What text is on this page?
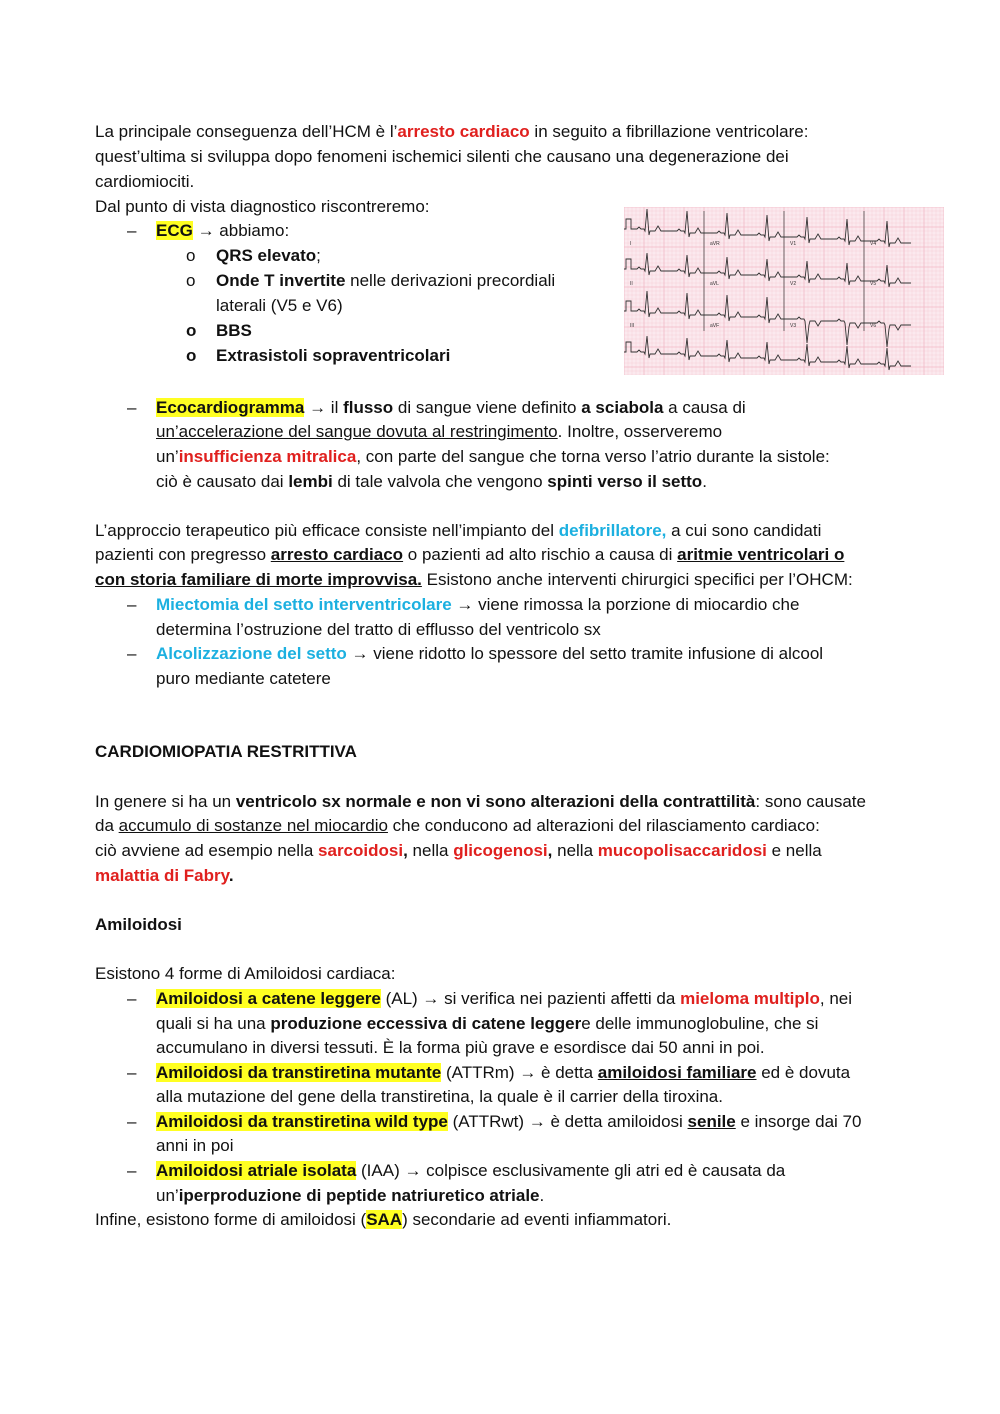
La principale conseguenza dell’HCM è l’arresto cardiaco in seguito a fibrillazione ventricolare:
quest’ultima si sviluppa dopo fenomeni ischemici silenti che causano una degenerazione dei
cardiomiociti.
Dal punto di vista diagnostico riscontreremo:
– ECG → abbiamo:
o QRS elevato;
o Onde T invertite nelle derivazioni precordiali
laterali (V5 e V6)
o BBS
o Extrasistoli sopraventricolari
I	aVR	V1	V4
II	aVL	V2	V5
III	aVF	V3	V6
– Ecocardiogramma → il flusso di sangue viene definito a sciabola a causa di
un’accelerazione del sangue dovuta al restringimento. Inoltre, osserveremo
un’insufficienza mitralica, con parte del sangue che torna verso l’atrio durante la sistole:
ciò è causato dai lembi di tale valvola che vengono spinti verso il setto.
L’approccio terapeutico più efficace consiste nell’impianto del defibrillatore, a cui sono candidati
pazienti con pregresso arresto cardiaco o pazienti ad alto rischio a causa di aritmie ventricolari o
con storia familiare di morte improvvisa. Esistono anche interventi chirurgici specifici per l’OHCM:
– Miectomia del setto interventricolare → viene rimossa la porzione di miocardio che
determina l’ostruzione del tratto di efflusso del ventricolo sx
– Alcolizzazione del setto → viene ridotto lo spessore del setto tramite infusione di alcool
puro mediante catetere
CARDIOMIOPATIA RESTRITTIVA
In genere si ha un ventricolo sx normale e non vi sono alterazioni della contrattilità: sono causate
da accumulo di sostanze nel miocardio che conducono ad alterazioni del rilasciamento cardiaco:
ciò avviene ad esempio nella sarcoidosi, nella glicogenosi, nella mucopolisaccaridosi e nella
malattia di Fabry.
Amiloidosi
Esistono 4 forme di Amiloidosi cardiaca:
– Amiloidosi a catene leggere (AL) → si verifica nei pazienti affetti da mieloma multiplo, nei
quali si ha una produzione eccessiva di catene leggere delle immunoglobuline, che si
accumulano in diversi tessuti. È la forma più grave e esordisce dai 50 anni in poi.
– Amiloidosi da transtiretina mutante (ATTRm) → è detta amiloidosi familiare ed è dovuta
alla mutazione del gene della transtiretina, la quale è il carrier della tiroxina.
– Amiloidosi da transtiretina wild type (ATTRwt) → è detta amiloidosi senile e insorge dai 70
anni in poi
– Amiloidosi atriale isolata (IAA) → colpisce esclusivamente gli atri ed è causata da
un’iperproduzione di peptide natriuretico atriale.
Infine, esistono forme di amiloidosi (SAA) secondarie ad eventi infiammatori.
